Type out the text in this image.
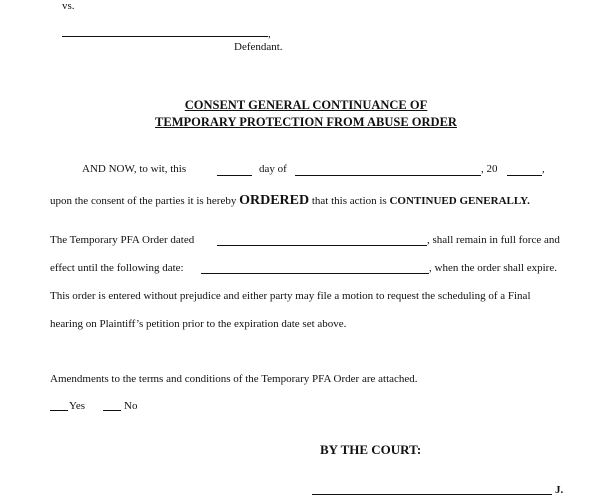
vs.
,
Defendant.
CONSENT GENERAL CONTINUANCE OF
TEMPORARY PROTECTION FROM ABUSE ORDER
AND NOW, to wit, this	day of	, 20	,
upon the consent of the parties it is hereby ORDERED that this action is CONTINUED GENERALLY.
The Temporary PFA Order dated	, shall remain in full force and
effect until the following date:	, when the order shall expire.
This order is entered without prejudice and either party may file a motion to request the scheduling of a Final
hearing on Plaintiff’s petition prior to the expiration date set above.
Amendments to the terms and conditions of the Temporary PFA Order are attached.
Yes	No
BY THE COURT:
J.
